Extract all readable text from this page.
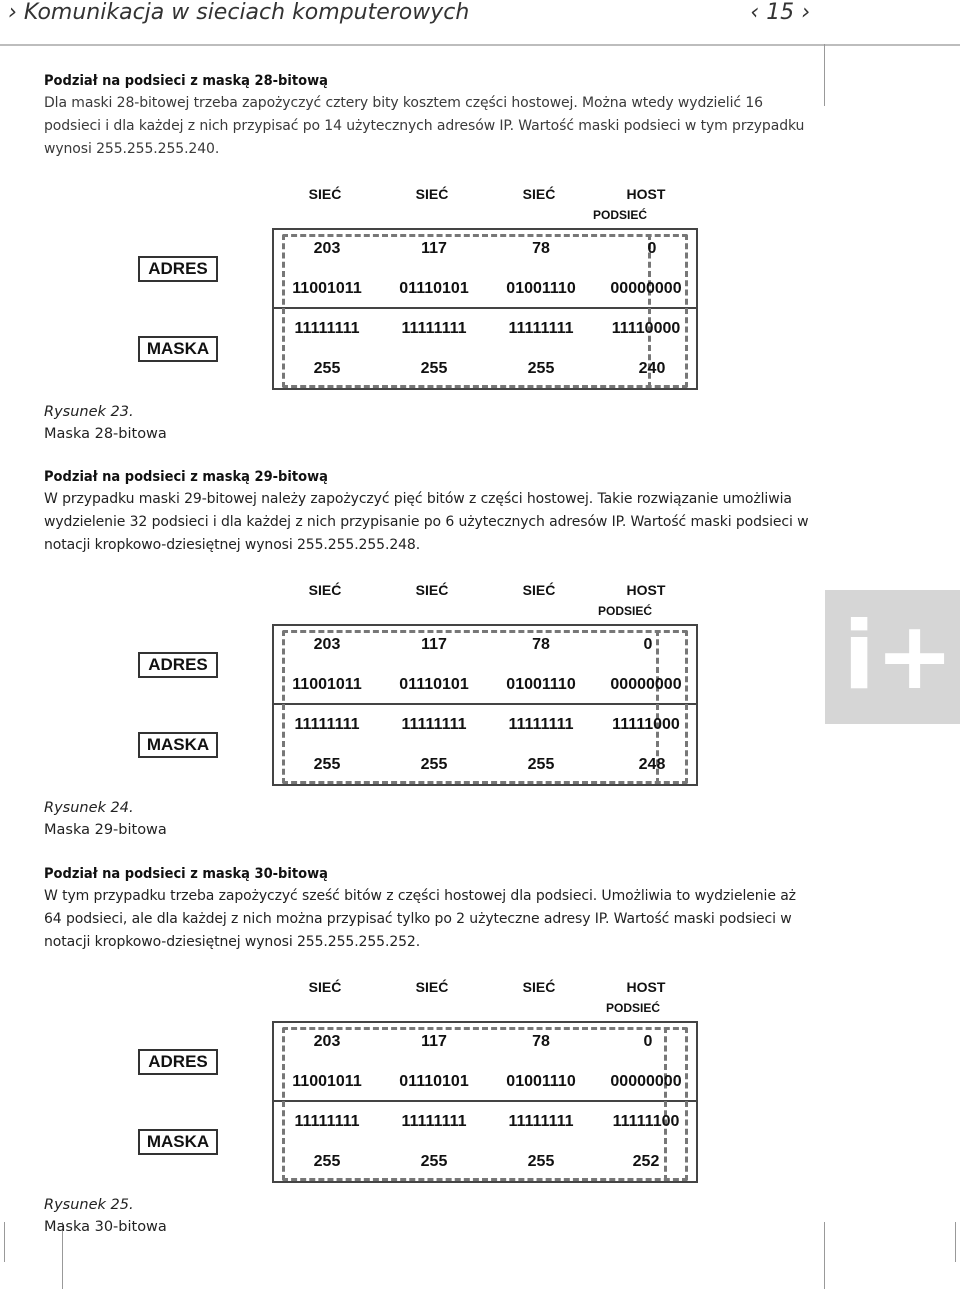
› Komunikacja w sieciach komputerowych	‹ 15 ›
i+
Podział na podsieci z maską 28-bitową

Dla maski 28-bitowej trzeba zapożyczyć cztery bity kosztem części hostowej. Można wtedy wydzielić 16 podsieci i dla każdej z nich przypisać po 14 użytecznych adresów IP. Wartość maski podsieci w tym przypadku wynosi 255.255.255.240.

SIEĆ	SIEĆ	SIEĆ	HOST
PODSIEĆ
ADRES
MASKA
203	117	78	0
11001011 01110101 01001110 00000000
11111111	11111111	11111111 11110000
255	255	255	240
Rysunek 23.
Maska 28-bitowa
Podział na podsieci z maską 29-bitową

W przypadku maski 29-bitowej należy zapożyczyć pięć bitów z części hostowej. Takie rozwiązanie umożliwia wydzielenie 32 podsieci i dla każdej z nich przypisanie po 6 użytecznych adresów IP. Wartość maski podsieci w notacji kropkowo-dziesiętnej wynosi 255.255.255.248.

SIEĆ	SIEĆ	SIEĆ	HOST
PODSIEĆ
ADRES
MASKA
203	117	78	0
11001011 01110101 01001110 00000000
11111111	11111111	11111111 11111000
255	255	255	248
Rysunek 24.
Maska 29-bitowa
Podział na podsieci z maską 30-bitową

W tym przypadku trzeba zapożyczyć sześć bitów z części hostowej dla podsieci. Umożliwia to wydzielenie aż 64 podsieci, ale dla każdej z nich można przypisać tylko po 2 użyteczne adresy IP. Wartość maski podsieci w notacji kropkowo-dziesiętnej wynosi 255.255.255.252.

SIEĆ	SIEĆ	SIEĆ	HOST
PODSIEĆ
ADRES
MASKA
203	117	78	0
11001011 01110101 01001110 00000000
11111111	11111111	11111111 11111100
255	255	255	252
Rysunek 25.
Maska 30-bitowa
